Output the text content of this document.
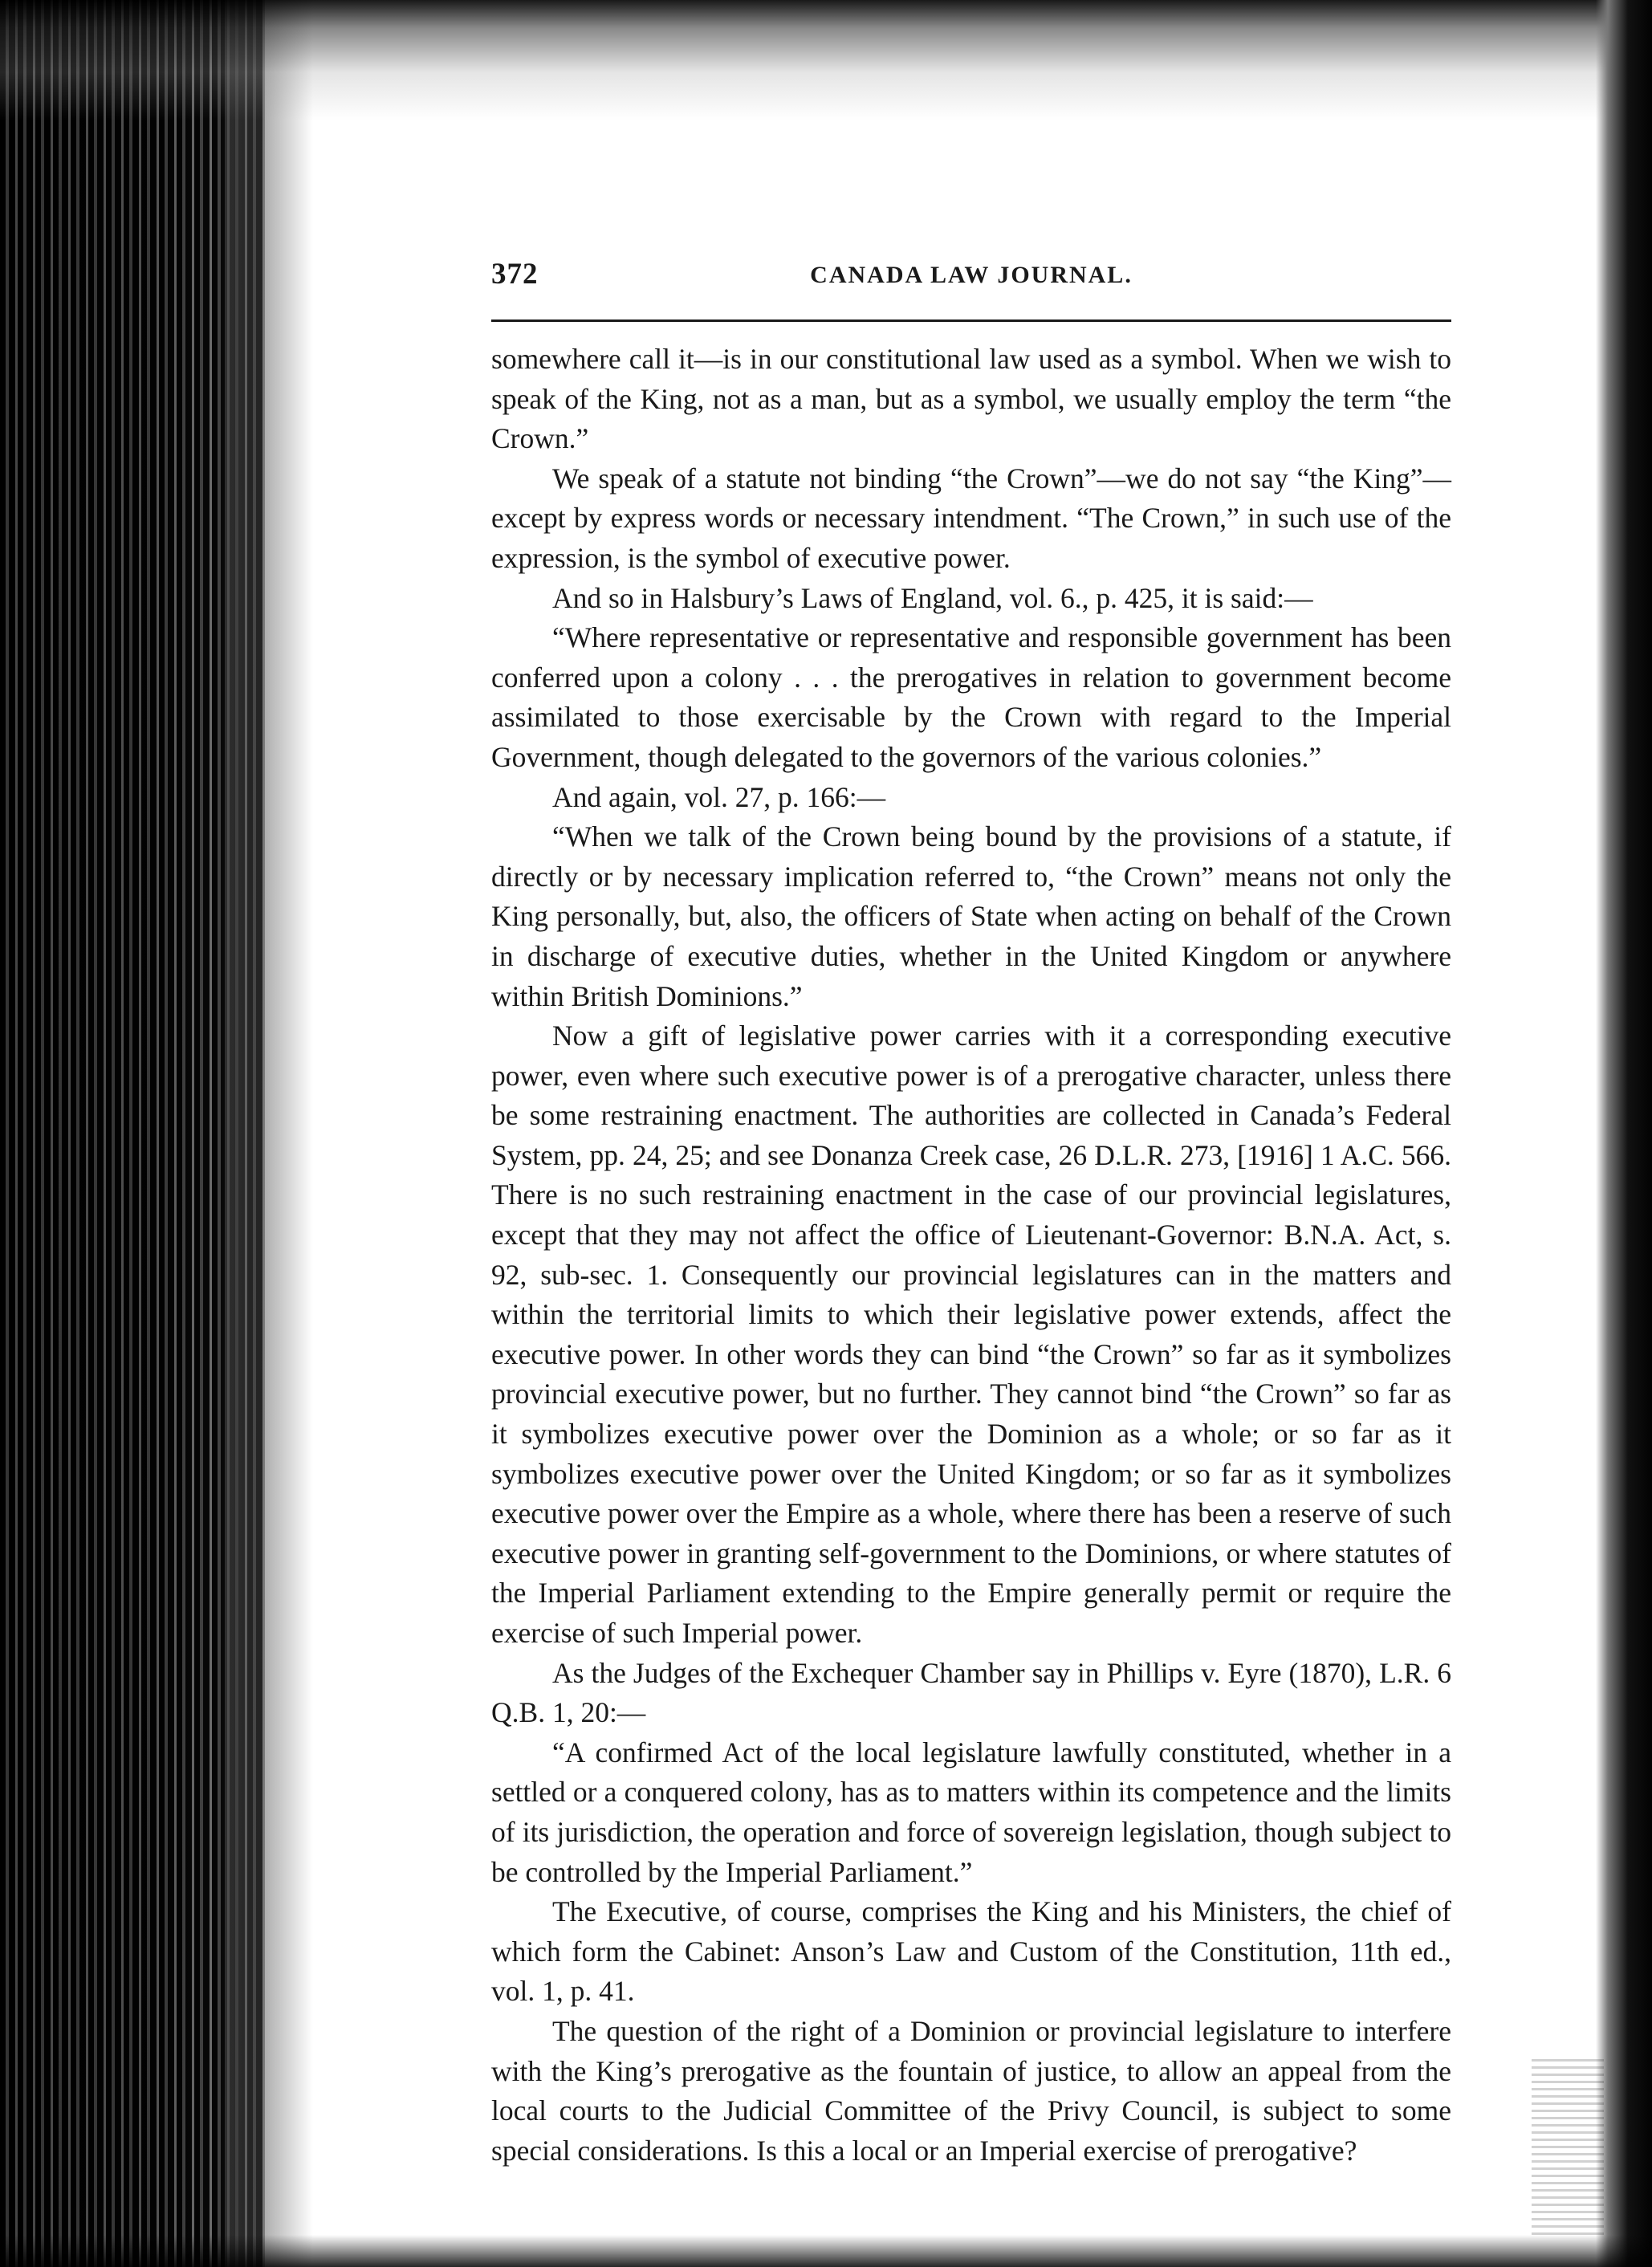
372	CANADA LAW JOURNAL.

somewhere call it—is in our constitutional law used as a symbol. When we wish to speak of the King, not as a man, but as a symbol, we usually employ the term “the Crown.”

We speak of a statute not binding “the Crown”—we do not say “the King”—except by express words or necessary intendment. “The Crown,” in such use of the expression, is the symbol of executive power.

And so in Halsbury’s Laws of England, vol. 6., p. 425, it is said:—

“Where representative or representative and responsible government has been conferred upon a colony . . . the prerogatives in relation to government become assimilated to those exercisable by the Crown with regard to the Imperial Government, though delegated to the governors of the various colonies.”

And again, vol. 27, p. 166:—

“When we talk of the Crown being bound by the provisions of a statute, if directly or by necessary implication referred to, “the Crown” means not only the King personally, but, also, the officers of State when acting on behalf of the Crown in discharge of executive duties, whether in the United Kingdom or anywhere within British Dominions.”

Now a gift of legislative power carries with it a corresponding executive power, even where such executive power is of a prerogative character, unless there be some restraining enactment. The authorities are collected in Canada’s Federal System, pp. 24, 25; and see Donanza Creek case, 26 D.L.R. 273, [1916] 1 A.C. 566. There is no such restraining enactment in the case of our provincial legislatures, except that they may not affect the office of Lieutenant-Governor: B.N.A. Act, s. 92, sub-sec. 1. Consequently our provincial legislatures can in the matters and within the territorial limits to which their legislative power extends, affect the executive power. In other words they can bind “the Crown” so far as it symbolizes provincial executive power, but no further. They cannot bind “the Crown” so far as it symbolizes executive power over the Dominion as a whole; or so far as it symbolizes executive power over the United Kingdom; or so far as it symbolizes executive power over the Empire as a whole, where there has been a reserve of such executive power in granting self-government to the Dominions, or where statutes of the Imperial Parliament extending to the Empire generally permit or require the exercise of such Imperial power.

As the Judges of the Exchequer Chamber say in Phillips v. Eyre (1870), L.R. 6 Q.B. 1, 20:—

“A confirmed Act of the local legislature lawfully constituted, whether in a settled or a conquered colony, has as to matters within its competence and the limits of its jurisdiction, the operation and force of sovereign legislation, though subject to be controlled by the Imperial Parliament.”

The Executive, of course, comprises the King and his Ministers, the chief of which form the Cabinet: Anson’s Law and Custom of the Constitution, 11th ed., vol. 1, p. 41.

The question of the right of a Dominion or provincial legislature to interfere with the King’s prerogative as the fountain of justice, to allow an appeal from the local courts to the Judicial Committee of the Privy Council, is subject to some special considerations. Is this a local or an Imperial exercise of prerogative?
